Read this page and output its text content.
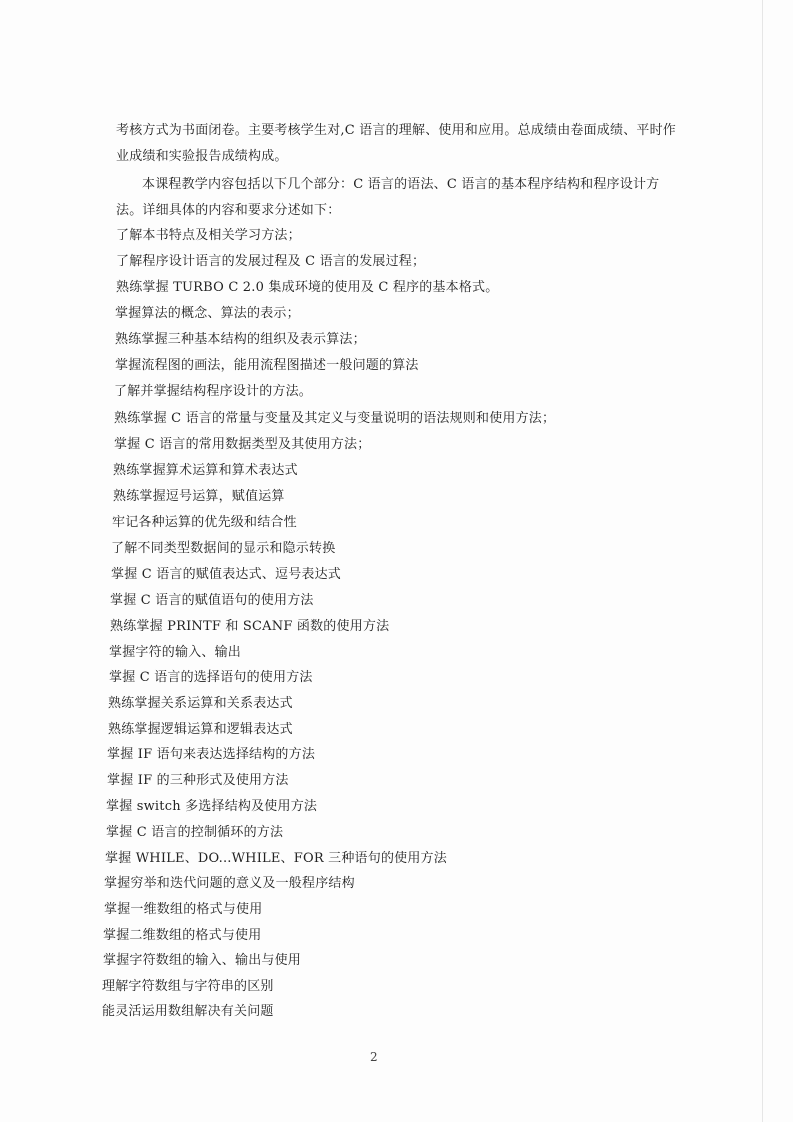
考核方式为书面闭卷。主要考核学生对,C 语言的理解、使用和应用。总成绩由卷面成绩、平时作业成绩和实验报告成绩构成。
本课程教学内容包括以下几个部分：C 语言的语法、C 语言的基本程序结构和程序设计方法。详细具体的内容和要求分述如下：
了解本书特点及相关学习方法；
了解程序设计语言的发展过程及 C 语言的发展过程；
熟练掌握 TURBO C 2.0 集成环境的使用及 C 程序的基本格式。
掌握算法的概念、算法的表示；
熟练掌握三种基本结构的组织及表示算法；
掌握流程图的画法，能用流程图描述一般问题的算法
了解并掌握结构程序设计的方法。
熟练掌握 C 语言的常量与变量及其定义与变量说明的语法规则和使用方法；
掌握 C 语言的常用数据类型及其使用方法；
熟练掌握算术运算和算术表达式
熟练掌握逗号运算，赋值运算
牢记各种运算的优先级和结合性
了解不同类型数据间的显示和隐示转换
掌握 C 语言的赋值表达式、逗号表达式
掌握 C 语言的赋值语句的使用方法
熟练掌握 PRINTF 和 SCANF 函数的使用方法
掌握字符的输入、输出
掌握 C 语言的选择语句的使用方法
熟练掌握关系运算和关系表达式
熟练掌握逻辑运算和逻辑表达式
掌握 IF 语句来表达选择结构的方法
掌握 IF 的三种形式及使用方法
掌握 switch 多选择结构及使用方法
掌握 C 语言的控制循环的方法
掌握 WHILE、DO...WHILE、FOR 三种语句的使用方法
掌握穷举和迭代问题的意义及一般程序结构
掌握一维数组的格式与使用
掌握二维数组的格式与使用
掌握字符数组的输入、输出与使用
理解字符数组与字符串的区别
能灵活运用数组解决有关问题
2
